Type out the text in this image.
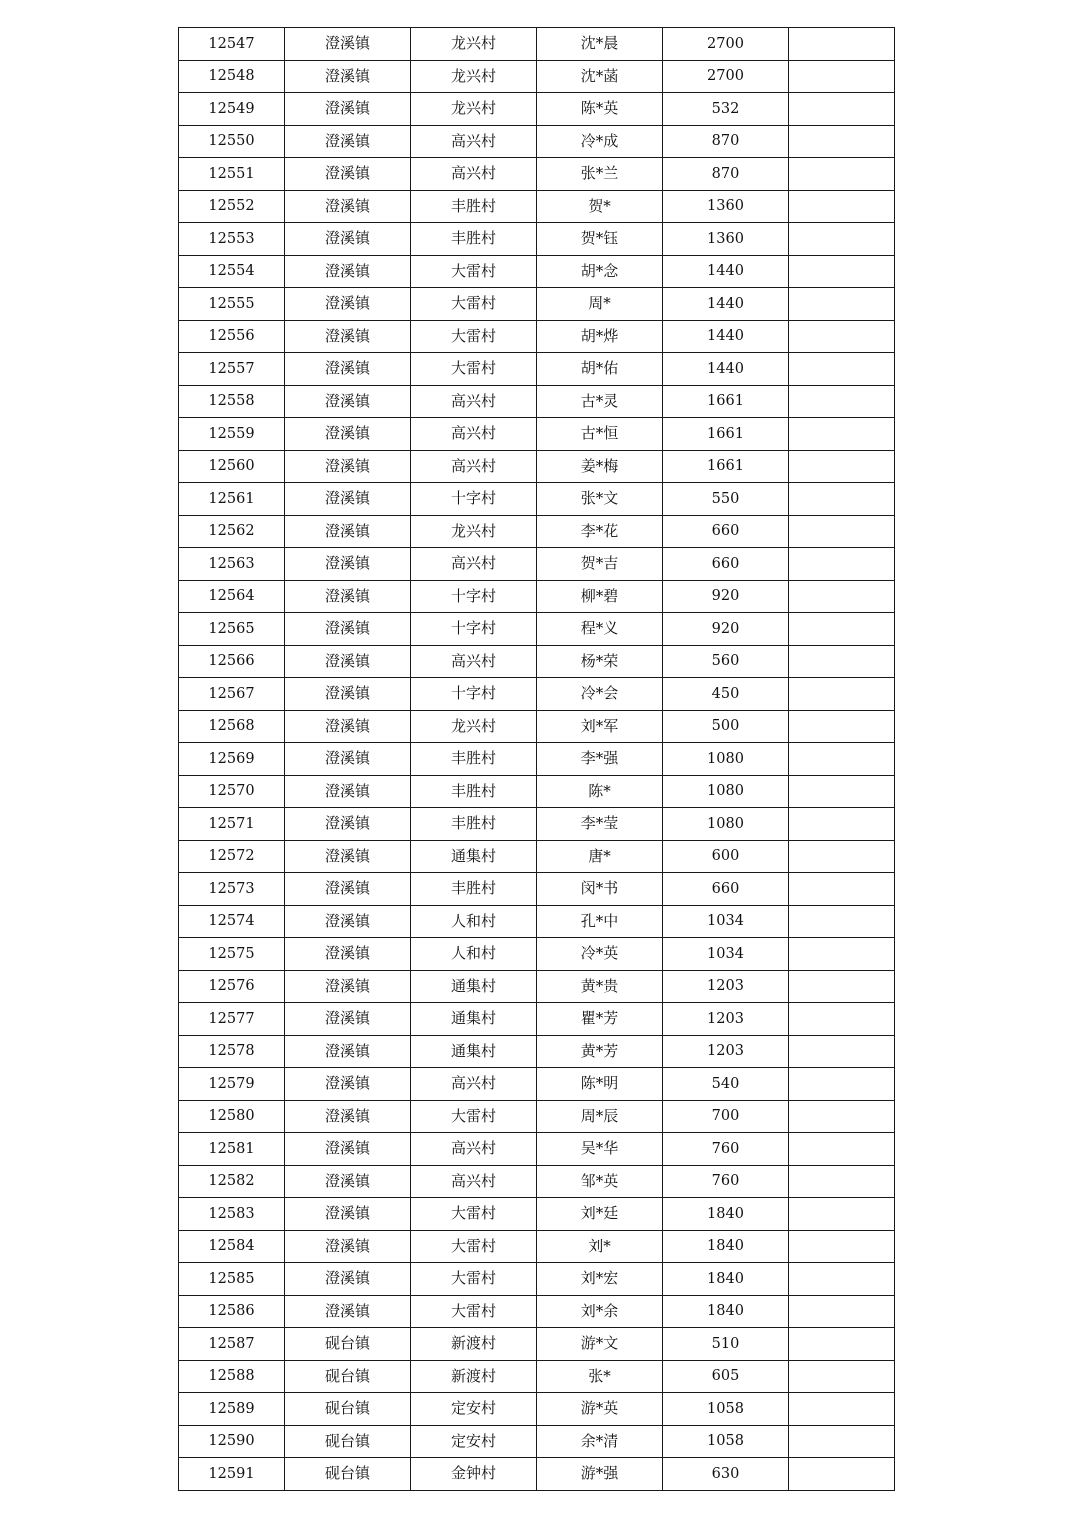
12547	澄溪镇	龙兴村	沈*晨	2700	
12548	澄溪镇	龙兴村	沈*菡	2700	
12549	澄溪镇	龙兴村	陈*英	532	
12550	澄溪镇	高兴村	冷*成	870	
12551	澄溪镇	高兴村	张*兰	870	
12552	澄溪镇	丰胜村	贺*	1360	
12553	澄溪镇	丰胜村	贺*钰	1360	
12554	澄溪镇	大雷村	胡*念	1440	
12555	澄溪镇	大雷村	周*	1440	
12556	澄溪镇	大雷村	胡*烨	1440	
12557	澄溪镇	大雷村	胡*佑	1440	
12558	澄溪镇	高兴村	古*灵	1661	
12559	澄溪镇	高兴村	古*恒	1661	
12560	澄溪镇	高兴村	姜*梅	1661	
12561	澄溪镇	十字村	张*文	550	
12562	澄溪镇	龙兴村	李*花	660	
12563	澄溪镇	高兴村	贺*吉	660	
12564	澄溪镇	十字村	柳*碧	920	
12565	澄溪镇	十字村	程*义	920	
12566	澄溪镇	高兴村	杨*荣	560	
12567	澄溪镇	十字村	冷*会	450	
12568	澄溪镇	龙兴村	刘*军	500	
12569	澄溪镇	丰胜村	李*强	1080	
12570	澄溪镇	丰胜村	陈*	1080	
12571	澄溪镇	丰胜村	李*莹	1080	
12572	澄溪镇	通集村	唐*	600	
12573	澄溪镇	丰胜村	闵*书	660	
12574	澄溪镇	人和村	孔*中	1034	
12575	澄溪镇	人和村	冷*英	1034	
12576	澄溪镇	通集村	黄*贵	1203	
12577	澄溪镇	通集村	瞿*芳	1203	
12578	澄溪镇	通集村	黄*芳	1203	
12579	澄溪镇	高兴村	陈*明	540	
12580	澄溪镇	大雷村	周*辰	700	
12581	澄溪镇	高兴村	吴*华	760	
12582	澄溪镇	高兴村	邹*英	760	
12583	澄溪镇	大雷村	刘*廷	1840	
12584	澄溪镇	大雷村	刘*	1840	
12585	澄溪镇	大雷村	刘*宏	1840	
12586	澄溪镇	大雷村	刘*余	1840	
12587	砚台镇	新渡村	游*文	510	
12588	砚台镇	新渡村	张*	605	
12589	砚台镇	定安村	游*英	1058	
12590	砚台镇	定安村	余*清	1058	
12591	砚台镇	金钟村	游*强	630	
